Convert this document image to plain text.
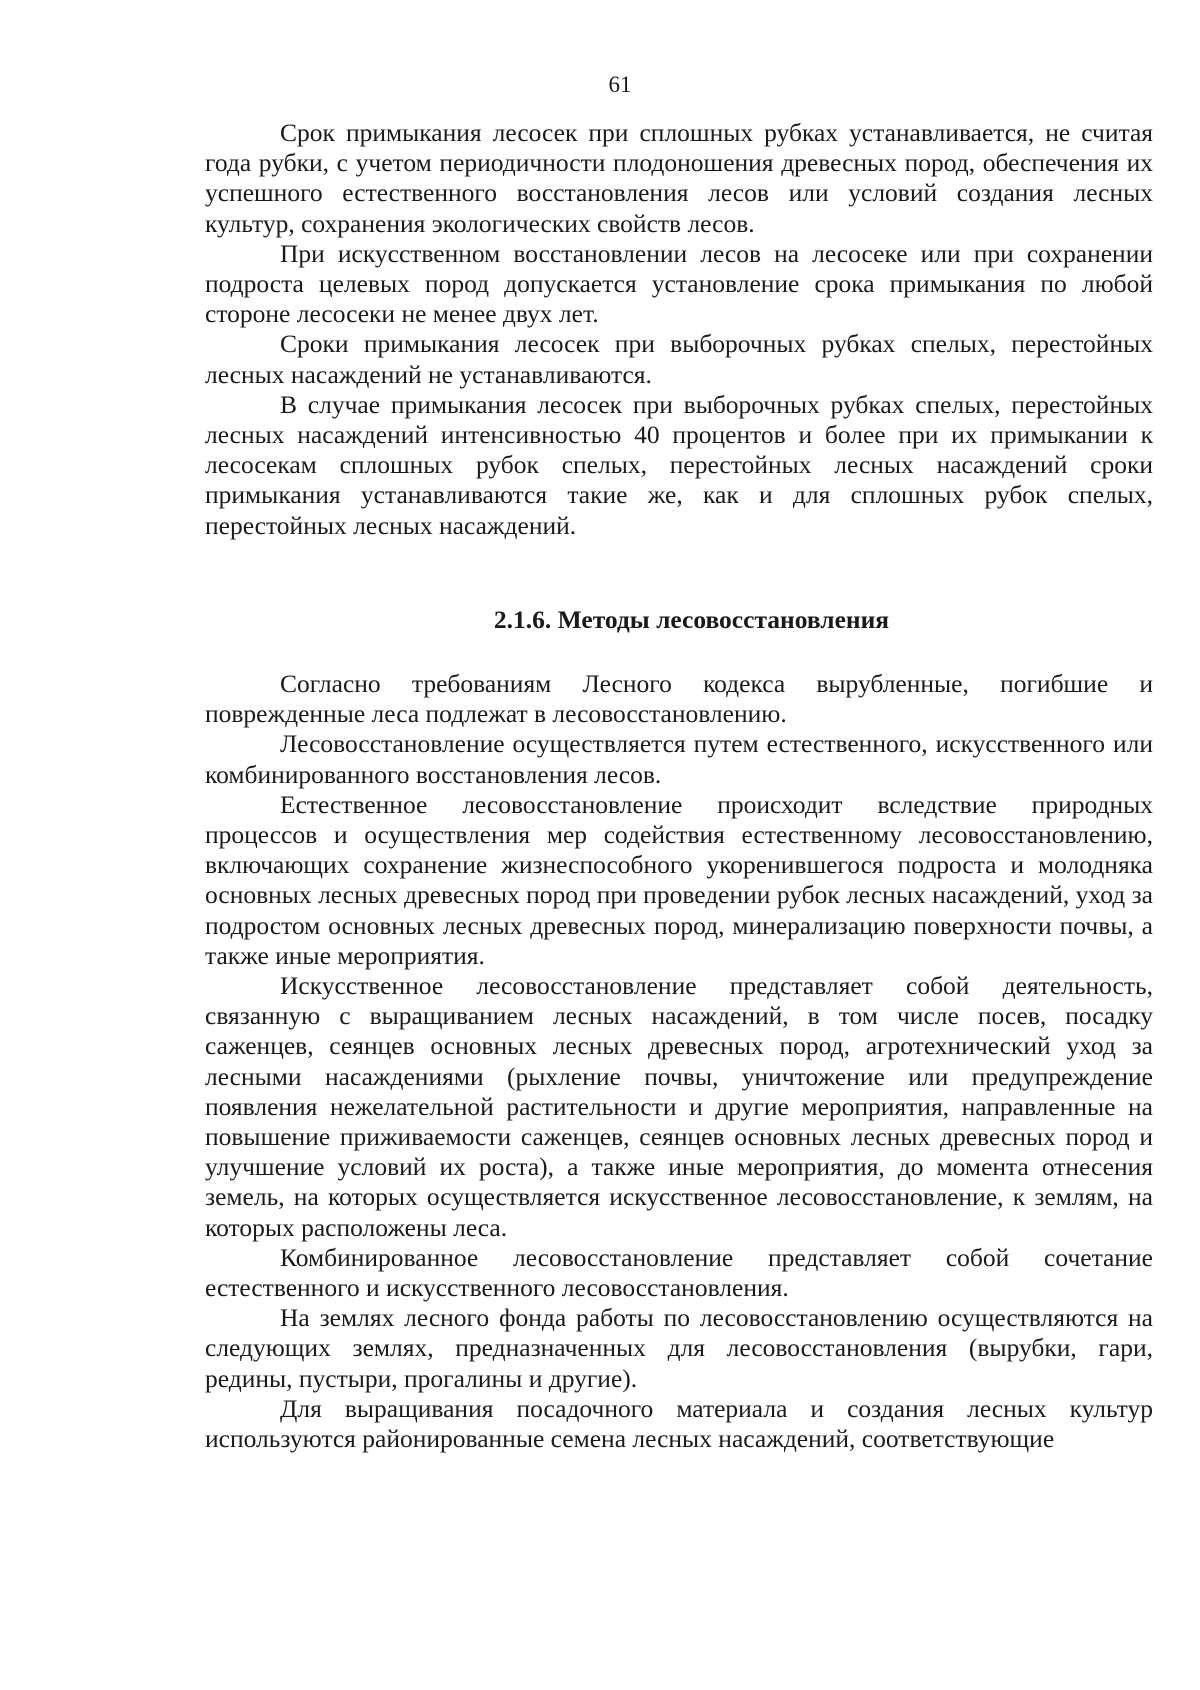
61

Срок примыкания лесосек при сплошных рубках устанавливается, не считая года рубки, с учетом периодичности плодоношения древесных пород, обеспечения их успешного естественного восстановления лесов или условий создания лесных культур, сохранения экологических свойств лесов.

При искусственном восстановлении лесов на лесосеке или при сохранении подроста целевых пород допускается установление срока примыкания по любой стороне лесосеки не менее двух лет.

Сроки примыкания лесосек при выборочных рубках спелых, перестойных лесных насаждений не устанавливаются.

В случае примыкания лесосек при выборочных рубках спелых, перестойных лесных насаждений интенсивностью 40 процентов и более при их примыкании к лесосекам сплошных рубок спелых, перестойных лесных насаждений сроки примыкания устанавливаются такие же, как и для сплошных рубок спелых, перестойных лесных насаждений.

2.1.6. Методы лесовосстановления

Согласно требованиям Лесного кодекса вырубленные, погибшие и поврежденные леса подлежат в лесовосстановлению.

Лесовосстановление осуществляется путем естественного, искусственного или комбинированного восстановления лесов.

Естественное лесовосстановление происходит вследствие природных процессов и осуществления мер содействия естественному лесовосстановлению, включающих сохранение жизнеспособного укоренившегося подроста и молодняка основных лесных древесных пород при проведении рубок лесных насаждений, уход за подростом основных лесных древесных пород, минерализацию поверхности почвы, а также иные мероприятия.

Искусственное лесовосстановление представляет собой деятельность, связанную с выращиванием лесных насаждений, в том числе посев, посадку саженцев, сеянцев основных лесных древесных пород, агротехнический уход за лесными насаждениями (рыхление почвы, уничтожение или предупреждение появления нежелательной растительности и другие мероприятия, направленные на повышение приживаемости саженцев, сеянцев основных лесных древесных пород и улучшение условий их роста), а также иные мероприятия, до момента отнесения земель, на которых осуществляется искусственное лесовосстановление, к землям, на которых расположены леса.

Комбинированное лесовосстановление представляет собой сочетание естественного и искусственного лесовосстановления.

На землях лесного фонда работы по лесовосстановлению осуществляются на следующих землях, предназначенных для лесовосстановления (вырубки, гари, редины, пустыри, прогалины и другие).

Для выращивания посадочного материала и создания лесных культур используются районированные семена лесных насаждений, соответствующие
